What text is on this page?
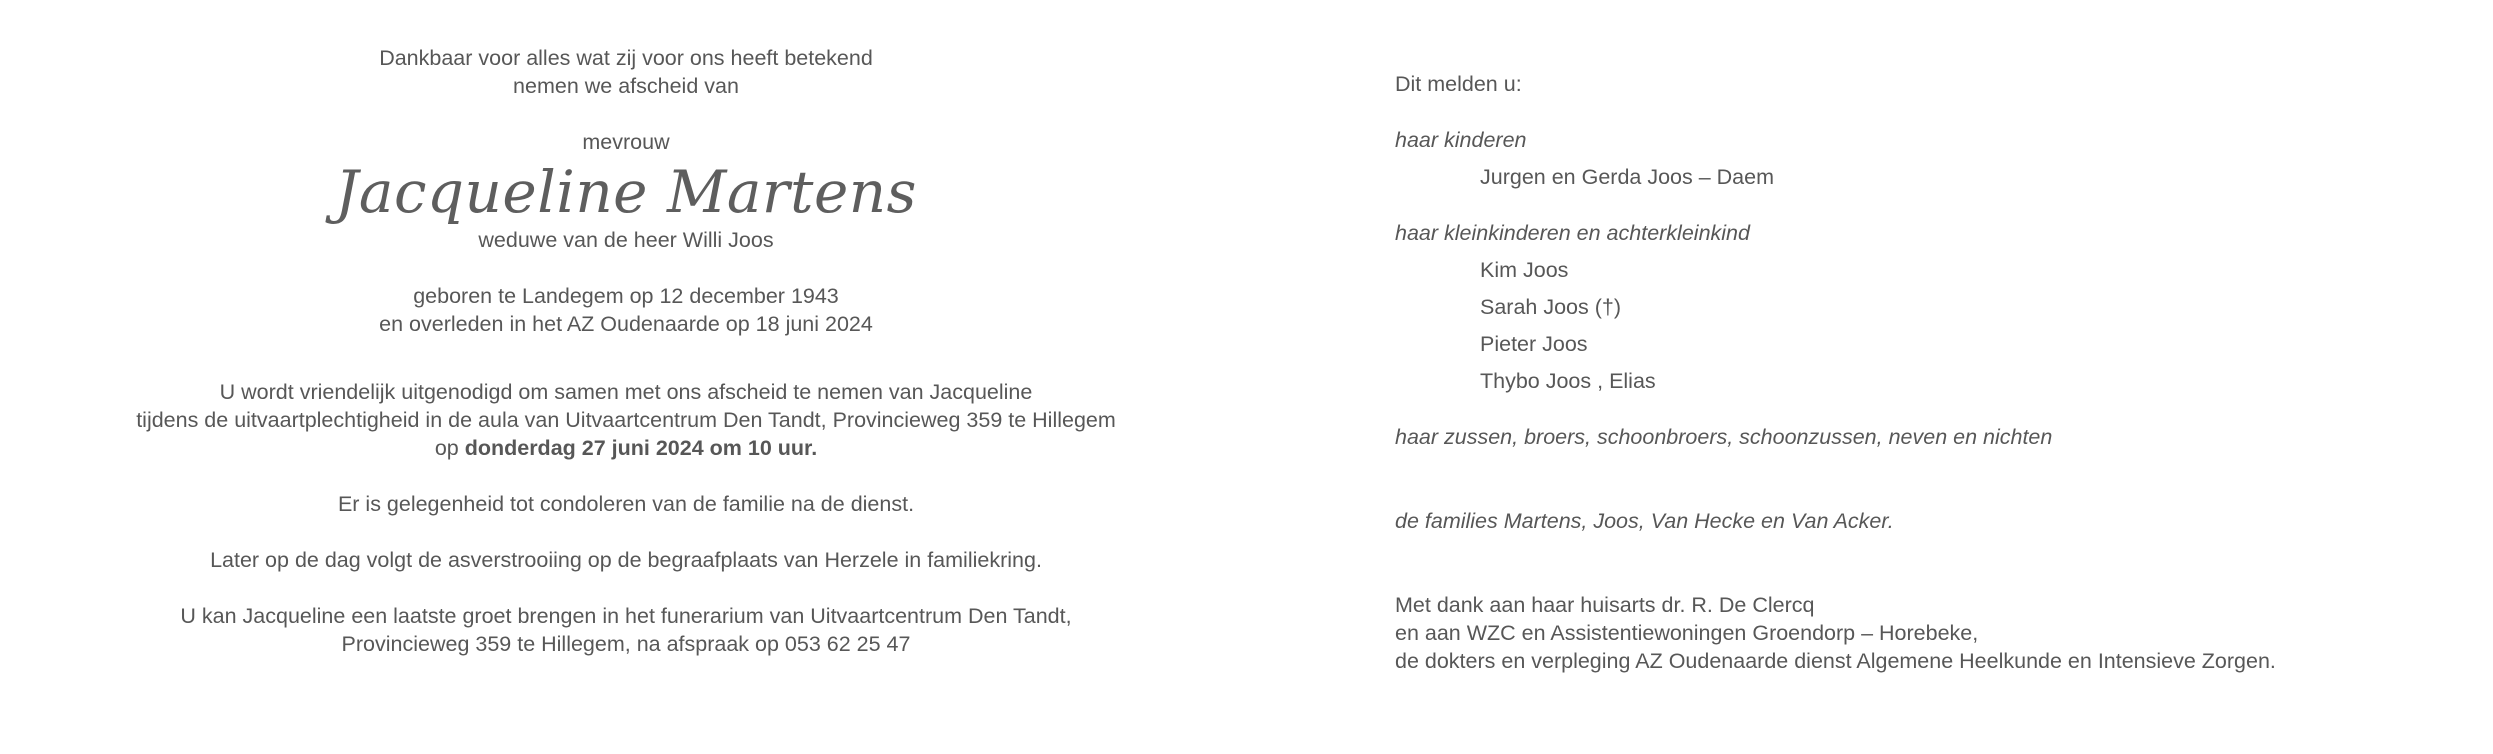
Dankbaar voor alles wat zij voor ons heeft betekend

nemen we afscheid van

mevrouw

Jacqueline Martens

weduwe van de heer Willi Joos

geboren te Landegem op 12 december 1943

en overleden in het AZ Oudenaarde op 18 juni 2024

U wordt vriendelijk uitgenodigd om samen met ons afscheid te nemen van Jacqueline

tijdens de uitvaartplechtigheid in de aula van Uitvaartcentrum Den Tandt, Provincieweg 359 te Hillegem

op donderdag 27 juni 2024 om 10 uur.

Er is gelegenheid tot condoleren van de familie na de dienst.

Later op de dag volgt de asverstrooiing op de begraafplaats van Herzele in familiekring.

U kan Jacqueline een laatste groet brengen in het funerarium van Uitvaartcentrum Den Tandt,

Provincieweg 359 te Hillegem, na afspraak op 053 62 25 47

Dit melden u:

haar kinderen

Jurgen en Gerda Joos – Daem

haar kleinkinderen en achterkleinkind

Kim Joos

Sarah Joos (†)

Pieter Joos

Thybo Joos , Elias

haar zussen, broers, schoonbroers, schoonzussen, neven en nichten

de families Martens, Joos, Van Hecke en Van Acker.

Met dank aan haar huisarts dr. R. De Clercq

en aan WZC en Assistentiewoningen Groendorp – Horebeke,

de dokters en verpleging AZ Oudenaarde dienst Algemene Heelkunde en Intensieve Zorgen.
